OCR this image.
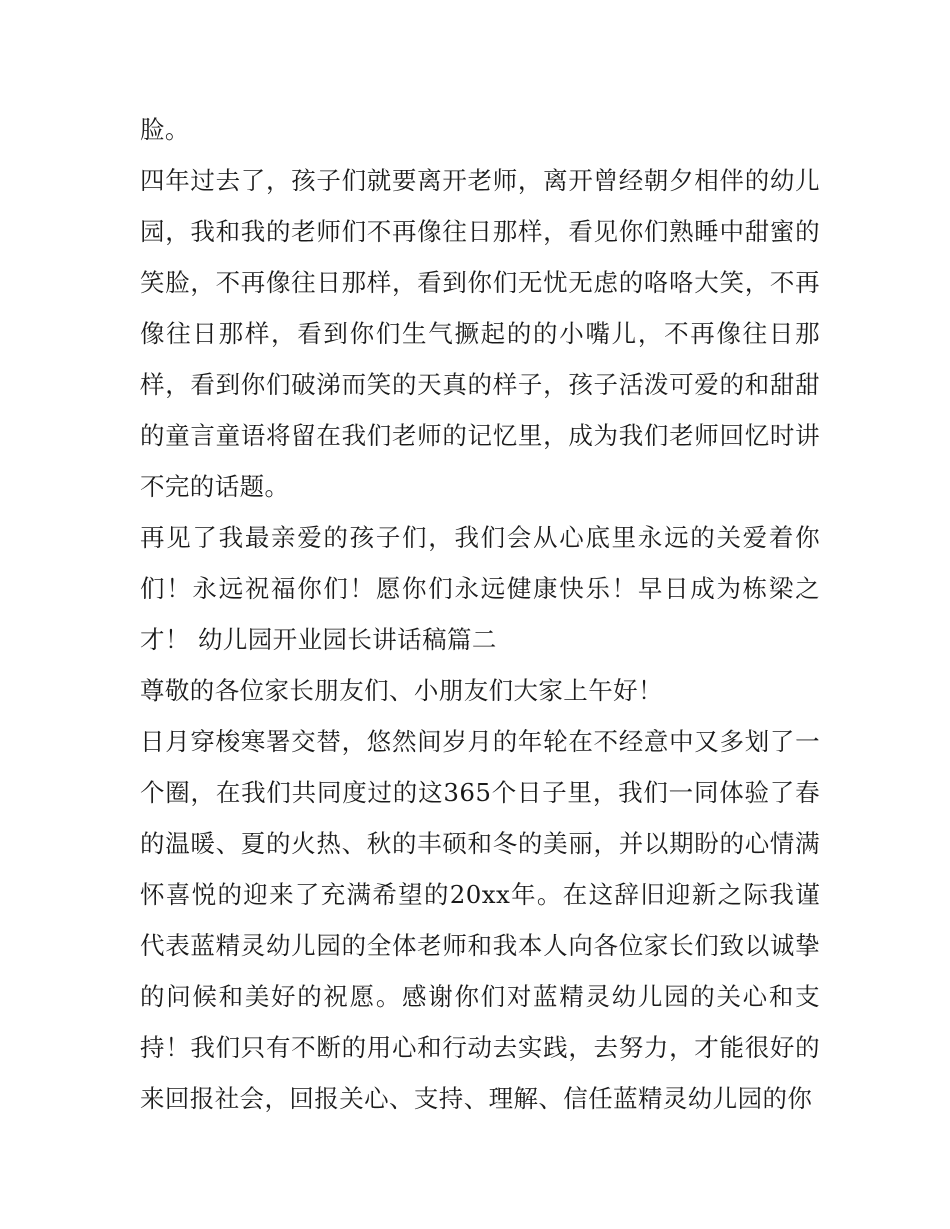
脸。

四年过去了，孩子们就要离开老师，离开曾经朝夕相伴的幼儿园，我和我的老师们不再像往日那样，看见你们熟睡中甜蜜的笑脸，不再像往日那样，看到你们无忧无虑的咯咯大笑，不再像往日那样，看到你们生气撅起的的小嘴儿，不再像往日那样，看到你们破涕而笑的天真的样子，孩子活泼可爱的和甜甜的童言童语将留在我们老师的记忆里，成为我们老师回忆时讲不完的话题。

再见了我最亲爱的孩子们，我们会从心底里永远的关爱着你们！永远祝福你们！愿你们永远健康快乐！早日成为栋梁之才！ 幼儿园开业园长讲话稿篇二

尊敬的各位家长朋友们、小朋友们大家上午好！

日月穿梭寒署交替，悠然间岁月的年轮在不经意中又多划了一个圈，在我们共同度过的这365个日子里，我们一同体验了春的温暖、夏的火热、秋的丰硕和冬的美丽，并以期盼的心情满怀喜悦的迎来了充满希望的20xx年。在这辞旧迎新之际我谨代表蓝精灵幼儿园的全体老师和我本人向各位家长们致以诚挚的问候和美好的祝愿。感谢你们对蓝精灵幼儿园的关心和支持！我们只有不断的用心和行动去实践，去努力，才能很好的来回报社会，回报关心、支持、理解、信任蓝精灵幼儿园的你
